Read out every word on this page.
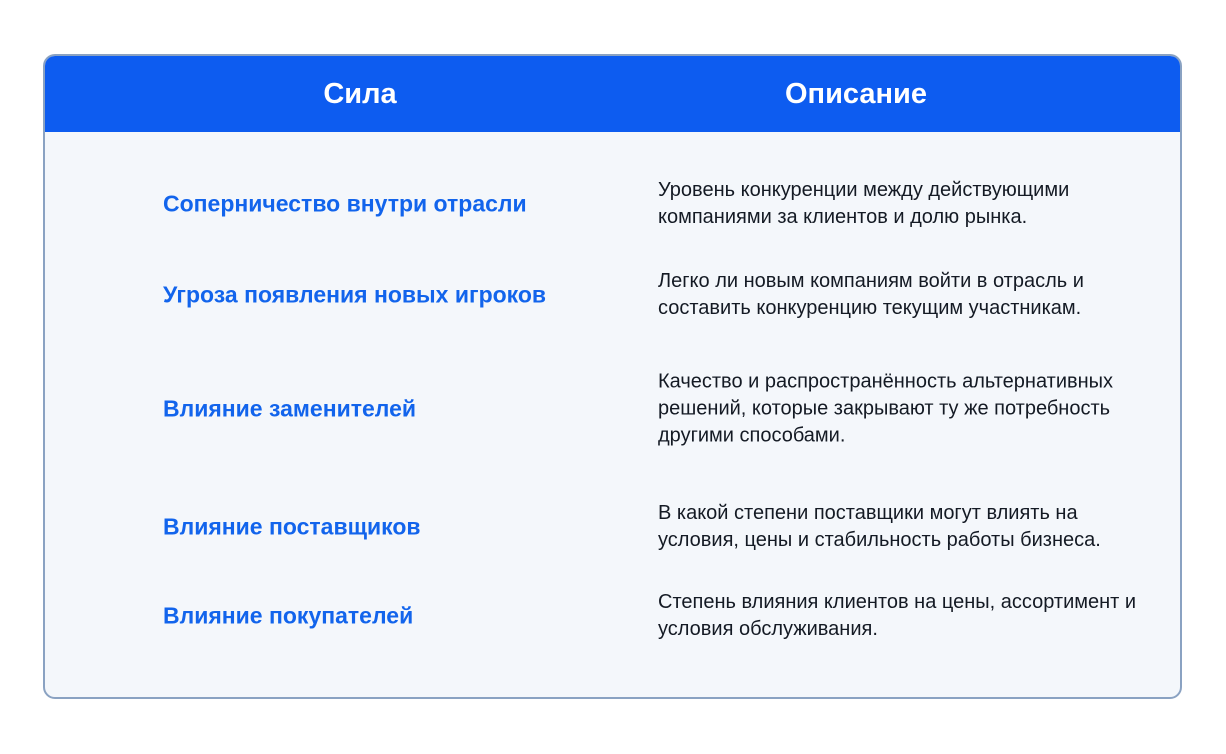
Сила	Описание
Соперничество внутри отрасли
Уровень конкуренции между действующими компаниями за клиентов и долю рынка.
Угроза появления новых игроков
Легко ли новым компаниям войти в отрасль и составить конкуренцию текущим участникам.
Влияние заменителей
Качество и распространённость альтернативных решений, которые закрывают ту же потребность другими способами.
Влияние поставщиков
В какой степени поставщики могут влиять на условия, цены и стабильность работы бизнеса.
Влияние покупателей
Степень влияния клиентов на цены, ассортимент и условия обслуживания.
